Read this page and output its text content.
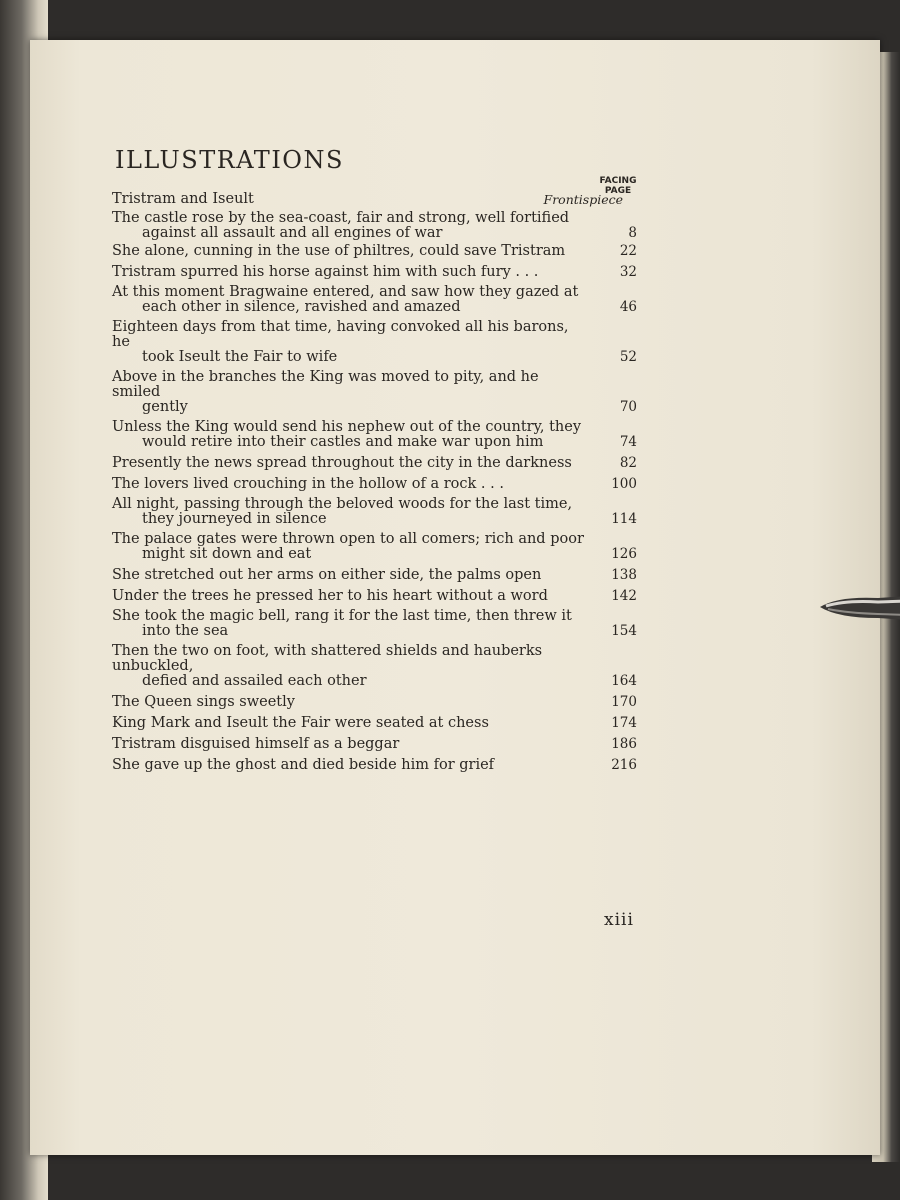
ILLUSTRATIONS
FACING
PAGE
Tristram and Iseult	Frontispiece
The castle rose by the sea-coast, fair and strong, well fortified

against all assault and all engines of war	8
She alone, cunning in the use of philtres, could save Tristram	22
Tristram spurred his horse against him with such fury . . .	32
At this moment Bragwaine entered, and saw how they gazed at

each other in silence, ravished and amazed	46
Eighteen days from that time, having convoked all his barons, he

took Iseult the Fair to wife	52
Above in the branches the King was moved to pity, and he smiled

gently	70
Unless the King would send his nephew out of the country, they

would retire into their castles and make war upon him	74
Presently the news spread throughout the city in the darkness	82
The lovers lived crouching in the hollow of a rock . . .	100
All night, passing through the beloved woods for the last time,

they journeyed in silence	114
The palace gates were thrown open to all comers; rich and poor

might sit down and eat	126
She stretched out her arms on either side, the palms open	138
Under the trees he pressed her to his heart without a word	142
She took the magic bell, rang it for the last time, then threw it

into the sea	154
Then the two on foot, with shattered shields and hauberks unbuckled,

defied and assailed each other	164
The Queen sings sweetly	170
King Mark and Iseult the Fair were seated at chess	174
Tristram disguised himself as a beggar	186
She gave up the ghost and died beside him for grief	216
xiii
